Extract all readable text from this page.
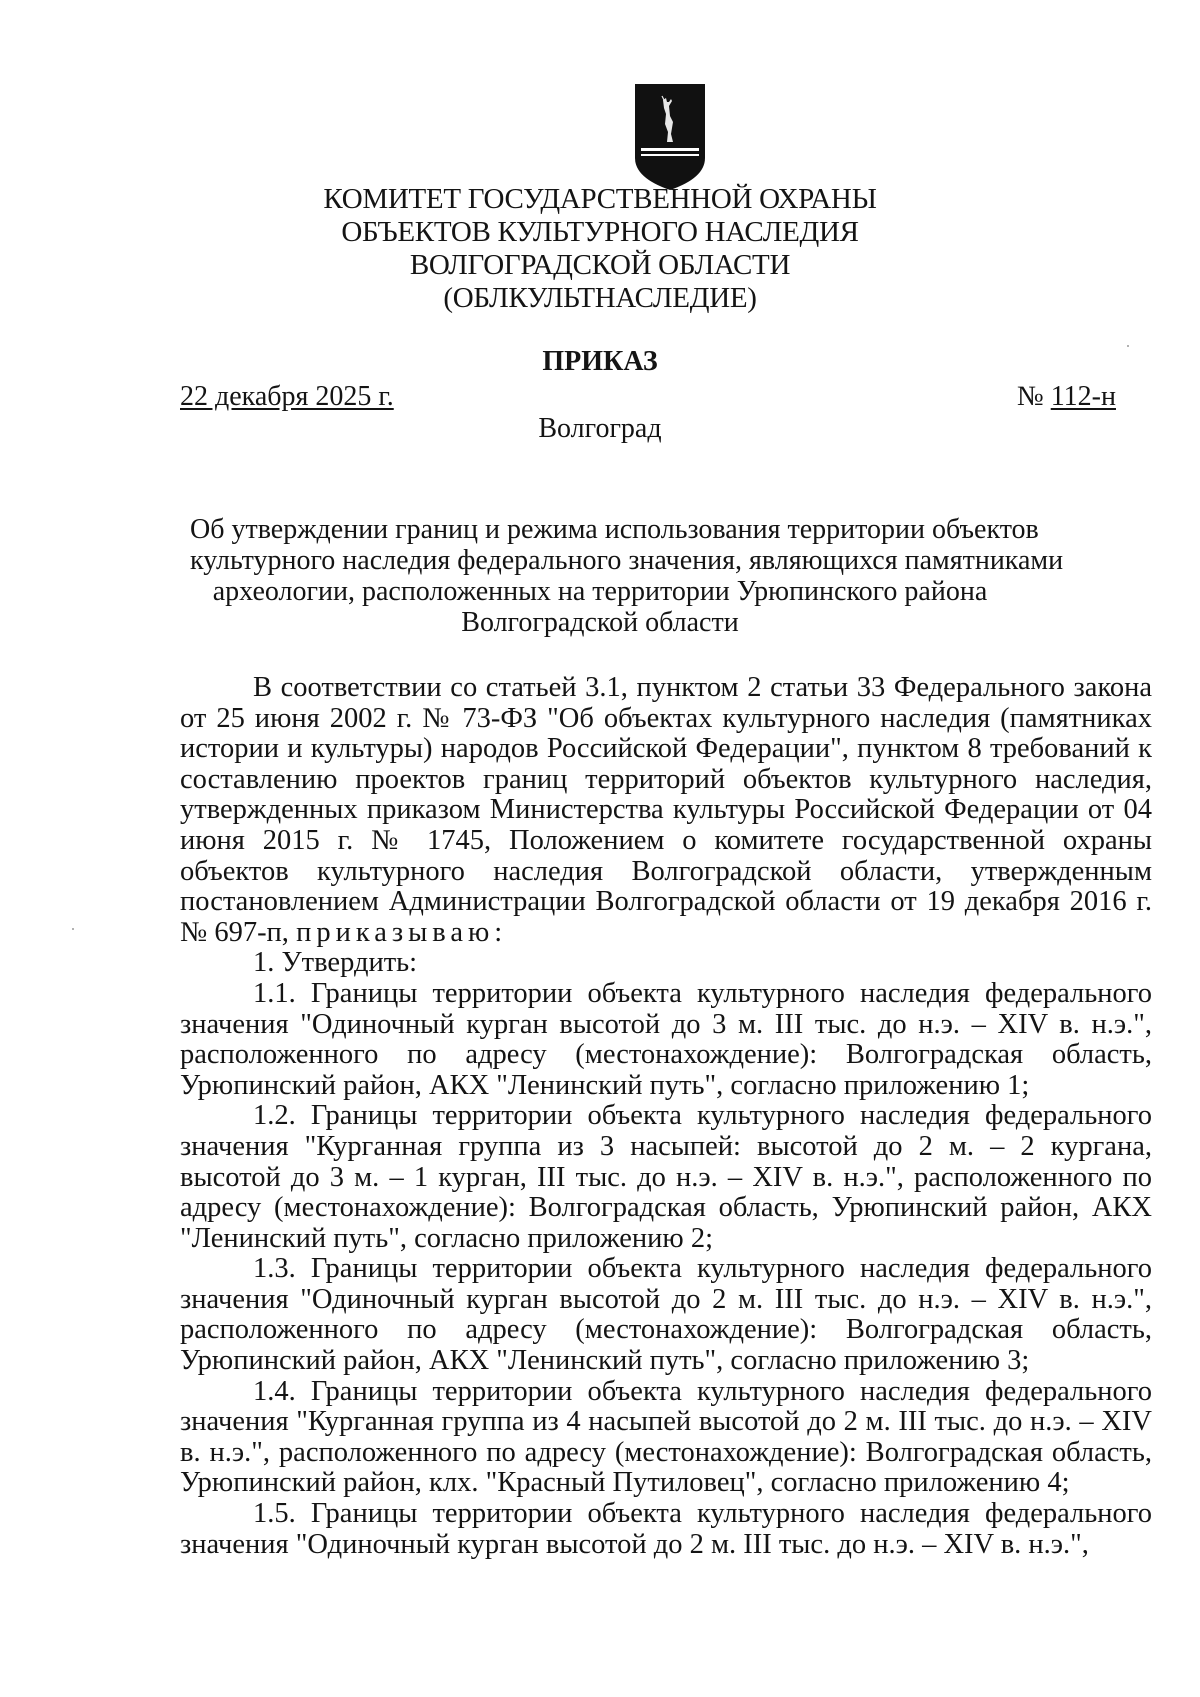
КОМИТЕТ ГОСУДАРСТВЕННОЙ ОХРАНЫ
ОБЪЕКТОВ КУЛЬТУРНОГО НАСЛЕДИЯ
ВОЛГОГРАДСКОЙ ОБЛАСТИ
(ОБЛКУЛЬТНАСЛЕДИЕ)
ПРИКАЗ
22 декабря 2025 г.	№ 112-н
Волгоград
Об утверждении границ и режима использования территории объектов
культурного наследия федерального значения, являющихся памятниками
археологии, расположенных на территории Урюпинского района
Волгоградской области

В соответствии со статьей 3.1, пунктом 2 статьи 33 Федерального закона от 25 июня 2002 г. № 73-ФЗ "Об объектах культурного наследия (памятниках истории и культуры) народов Российской Федерации", пунктом 8 требований к составлению проектов границ территорий объектов культурного наследия, утвержденных приказом Министерства культуры Российской Федерации от 04 июня 2015 г. № 1745, Положением о комитете государственной охраны объектов культурного наследия Волгоградской области, утвержденным постановлением Администрации Волгоградской области от 19 декабря 2016 г. № 697-п, приказываю:

1. Утвердить:

1.1. Границы территории объекта культурного наследия федерального значения "Одиночный курган высотой до 3 м. III тыс. до н.э. – XIV в. н.э.", расположенного по адресу (местонахождение): Волгоградская область, Урюпинский район, АКХ "Ленинский путь", согласно приложению 1;

1.2. Границы территории объекта культурного наследия федерального значения "Курганная группа из 3 насыпей: высотой до 2 м. – 2 кургана, высотой до 3 м. – 1 курган, III тыс. до н.э. – XIV в. н.э.", расположенного по адресу (местонахождение): Волгоградская область, Урюпинский район, АКХ "Ленинский путь", согласно приложению 2;

1.3. Границы территории объекта культурного наследия федерального значения "Одиночный курган высотой до 2 м. III тыс. до н.э. – XIV в. н.э.", расположенного по адресу (местонахождение): Волгоградская область, Урюпинский район, АКХ "Ленинский путь", согласно приложению 3;

1.4. Границы территории объекта культурного наследия федерального значения "Курганная группа из 4 насыпей высотой до 2 м. III тыс. до н.э. – XIV в. н.э.", расположенного по адресу (местонахождение): Волгоградская область, Урюпинский район, клх. "Красный Путиловец", согласно приложению 4;

1.5. Границы территории объекта культурного наследия федерального значения "Одиночный курган высотой до 2 м. III тыс. до н.э. – XIV в. н.э.",
